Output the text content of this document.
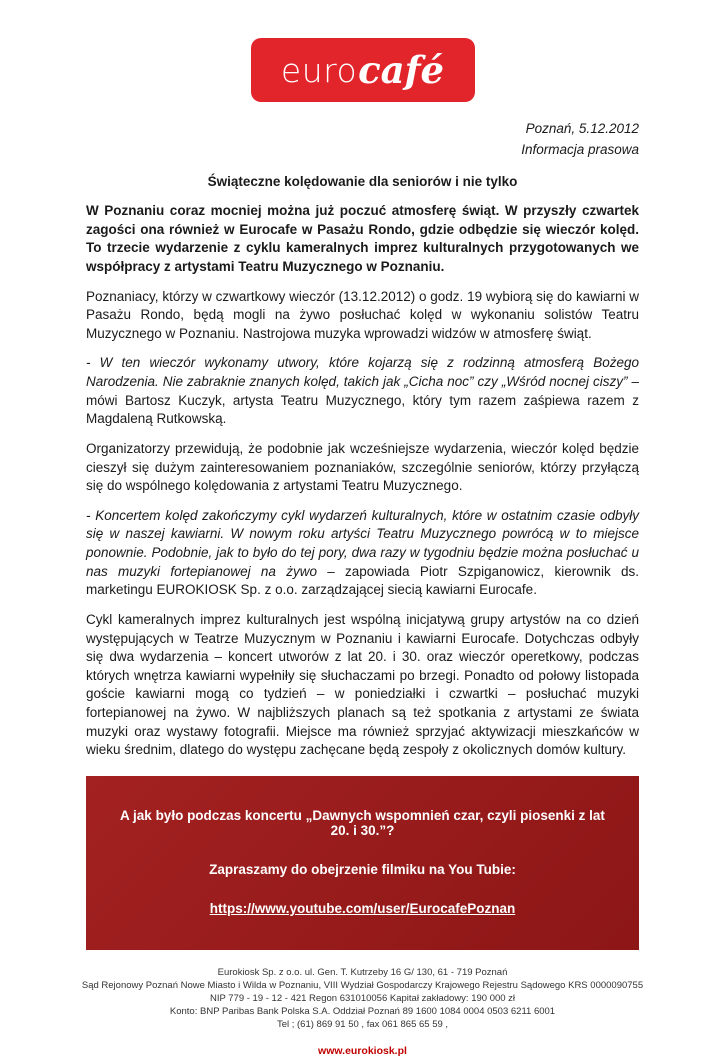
euro café
Poznań, 5.12.2012
Informacja prasowa
Świąteczne kolędowanie dla seniorów i nie tylko

W Poznaniu coraz mocniej można już poczuć atmosferę świąt. W przyszły czwartek zagości ona również w Eurocafe w Pasażu Rondo, gdzie odbędzie się wieczór kolęd. To trzecie wydarzenie z cyklu kameralnych imprez kulturalnych przygotowanych we współpracy z artystami Teatru Muzycznego w Poznaniu.

Poznaniacy, którzy w czwartkowy wieczór (13.12.2012) o godz. 19 wybiorą się do kawiarni w Pasażu Rondo, będą mogli na żywo posłuchać kolęd w wykonaniu solistów Teatru Muzycznego w Poznaniu. Nastrojowa muzyka wprowadzi widzów w atmosferę świąt.

- W ten wieczór wykonamy utwory, które kojarzą się z rodzinną atmosferą Bożego Narodzenia. Nie zabraknie znanych kolęd, takich jak „Cicha noc” czy „Wśród nocnej ciszy” – mówi Bartosz Kuczyk, artysta Teatru Muzycznego, który tym razem zaśpiewa razem z Magdaleną Rutkowską.

Organizatorzy przewidują, że podobnie jak wcześniejsze wydarzenia, wieczór kolęd będzie cieszył się dużym zainteresowaniem poznaniaków, szczególnie seniorów, którzy przyłączą się do wspólnego kolędowania z artystami Teatru Muzycznego.

- Koncertem kolęd zakończymy cykl wydarzeń kulturalnych, które w ostatnim czasie odbyły się w naszej kawiarni. W nowym roku artyści Teatru Muzycznego powrócą w to miejsce ponownie. Podobnie, jak to było do tej pory, dwa razy w tygodniu będzie można posłuchać u nas muzyki fortepianowej na żywo – zapowiada Piotr Szpiganowicz, kierownik ds. marketingu EUROKIOSK Sp. z o.o. zarządzającej siecią kawiarni Eurocafe.

Cykl kameralnych imprez kulturalnych jest wspólną inicjatywą grupy artystów na co dzień występujących w Teatrze Muzycznym w Poznaniu i kawiarni Eurocafe. Dotychczas odbyły się dwa wydarzenia – koncert utworów z lat 20. i 30. oraz wieczór operetkowy, podczas których wnętrza kawiarni wypełniły się słuchaczami po brzegi. Ponadto od połowy listopada goście kawiarni mogą co tydzień – w poniedziałki i czwartki – posłuchać muzyki fortepianowej na żywo. W najbliższych planach są też spotkania z artystami ze świata muzyki oraz wystawy fotografii. Miejsce ma również sprzyjać aktywizacji mieszkańców w wieku średnim, dlatego do występu zachęcane będą zespoły z okolicznych domów kultury.

A jak było podczas koncertu „Dawnych wspomnień czar, czyli piosenki z lat 20. i 30.”?
Zapraszamy do obejrzenie filmiku na You Tubie:
https://www.youtube.com/user/EurocafePoznan
Eurokiosk Sp. z o.o. ul. Gen. T. Kutrzeby 16 G/ 130, 61 - 719 Poznań
Sąd Rejonowy Poznań Nowe Miasto i Wilda w Poznaniu, VIII Wydział Gospodarczy Krajowego Rejestru Sądowego KRS 0000090755
NIP 779 - 19 - 12 - 421 Regon 631010056 Kapitał zakładowy: 190 000 zł
Konto: BNP Paribas Bank Polska S.A. Oddział Poznań 89 1600 1084 0004 0503 6211 6001
Tel ; (61) 869 91 50 , fax 061 865 65 59 ,
www.eurokiosk.pl
